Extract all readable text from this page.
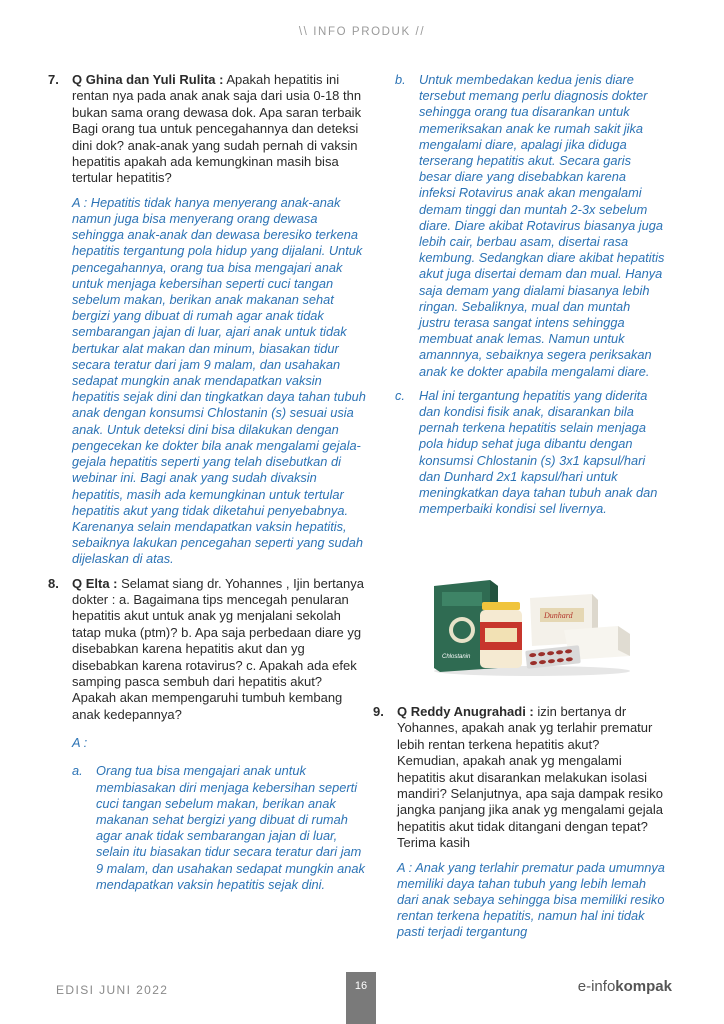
\\ INFO PRODUK //
7. Q Ghina dan Yuli Rulita : Apakah hepatitis ini rentan nya pada anak anak saja dari usia 0-18 thn bukan sama orang dewasa dok. Apa saran terbaik Bagi orang tua untuk pencegahannya dan deteksi dini dok? anak-anak yang sudah pernah di vaksin hepatitis apakah ada kemungkinan masih bisa tertular hepatitis?
A : Hepatitis tidak hanya menyerang anak-anak namun juga bisa menyerang orang dewasa sehingga anak-anak dan dewasa beresiko terkena hepatitis tergantung pola hidup yang dijalani. Untuk pencegahannya, orang tua bisa mengajari anak untuk menjaga kebersihan seperti cuci tangan sebelum makan, berikan anak makanan sehat bergizi yang dibuat di rumah agar anak tidak sembarangan jajan di luar, ajari anak untuk tidak bertukar alat makan dan minum, biasakan tidur secara teratur dari jam 9 malam, dan usahakan sedapat mungkin anak mendapatkan vaksin hepatitis sejak dini dan tingkatkan daya tahan tubuh anak dengan konsumsi Chlostanin (s) sesuai usia anak. Untuk deteksi dini bisa dilakukan dengan pengecekan ke dokter bila anak mengalami gejala-gejala hepatitis seperti yang telah disebutkan di webinar ini. Bagi anak yang sudah divaksin hepatitis, masih ada kemungkinan untuk tertular hepatitis akut yang tidak diketahui penyebabnya. Karenanya selain mendapatkan vaksin hepatitis, sebaiknya lakukan pencegahan seperti yang sudah dijelaskan di atas.
8. Q Elta : Selamat siang dr. Yohannes , Ijin bertanya dokter : a. Bagaimana tips mencegah penularan hepatitis akut untuk anak yg menjalani sekolah tatap muka (ptm)? b. Apa saja perbedaan diare yg disebabkan karena hepatitis akut dan yg disebabkan karena rotavirus? c. Apakah ada efek samping pasca sembuh dari hepatitis akut? Apakah akan mempengaruhi tumbuh kembang anak kedepannya?
A :
a. Orang tua bisa mengajari anak untuk membiasakan diri menjaga kebersihan seperti cuci tangan sebelum makan, berikan anak makanan sehat bergizi yang dibuat di rumah agar anak tidak sembarangan jajan di luar, selain itu biasakan tidur secara teratur dari jam 9 malam, dan usahakan sedapat mungkin anak mendapatkan vaksin hepatitis sejak dini.
b. Untuk membedakan kedua jenis diare tersebut memang perlu diagnosis dokter sehingga orang tua disarankan untuk memeriksakan anak ke rumah sakit jika mengalami diare, apalagi jika diduga terserang hepatitis akut. Secara garis besar diare yang disebabkan karena infeksi Rotavirus anak akan mengalami demam tinggi dan muntah 2-3x sebelum diare. Diare akibat Rotavirus biasanya juga lebih cair, berbau asam, disertai rasa kembung. Sedangkan diare akibat hepatitis akut juga disertai demam dan mual. Hanya saja demam yang dialami biasanya lebih ringan. Sebaliknya, mual dan muntah justru terasa sangat intens sehingga membuat anak lemas. Namun untuk amannnya, sebaiknya segera periksakan anak ke dokter apabila mengalami diare.
c. Hal ini tergantung hepatitis yang diderita dan kondisi fisik anak, disarankan bila pernah terkena hepatitis selain menjaga pola hidup sehat juga dibantu dengan konsumsi Chlostanin (s) 3x1 kapsul/hari dan Dunhard 2x1 kapsul/hari untuk meningkatkan daya tahan tubuh anak dan memperbaiki kondisi sel livernya.
Chlostanin
Dunhard
9. Q Reddy Anugrahadi : izin bertanya dr Yohannes, apakah anak yg terlahir prematur lebih rentan terkena hepatitis akut? Kemudian, apakah anak yg mengalami hepatitis akut disarankan melakukan isolasi mandiri? Selanjutnya, apa saja dampak resiko jangka panjang jika anak yg mengalami gejala hepatitis akut tidak ditangani dengan tepat? Terima kasih
A : Anak yang terlahir prematur pada umumnya memiliki daya tahan tubuh yang lebih lemah dari anak sebaya sehingga bisa memiliki resiko rentan terkena hepatitis, namun hal ini tidak pasti terjadi tergantung
EDISI JUNI 2022	16	e-infokompak
